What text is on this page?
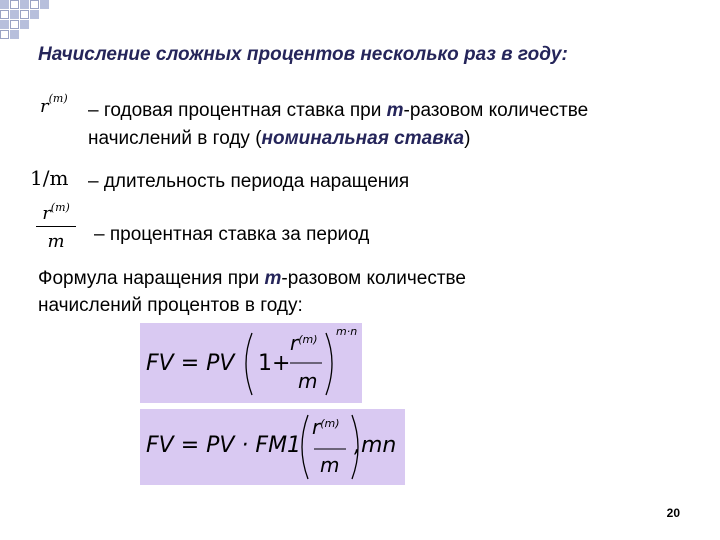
Начисление сложных процентов несколько раз в году:
$r^{(m)}$
– годовая процентная ставка при m-разовом количестве
начислений в году (номинальная ставка)
1/m – длительность периода наращения
$r^{(m)}$
m	– процентная ставка за период
Формула наращения при m-разовом количестве
начислений процентов в году:
FV = PV 1+
$r^{(m)}$
m
m·n
FV = PV · FM1
$r^{(m)}$
m
,mn
20
